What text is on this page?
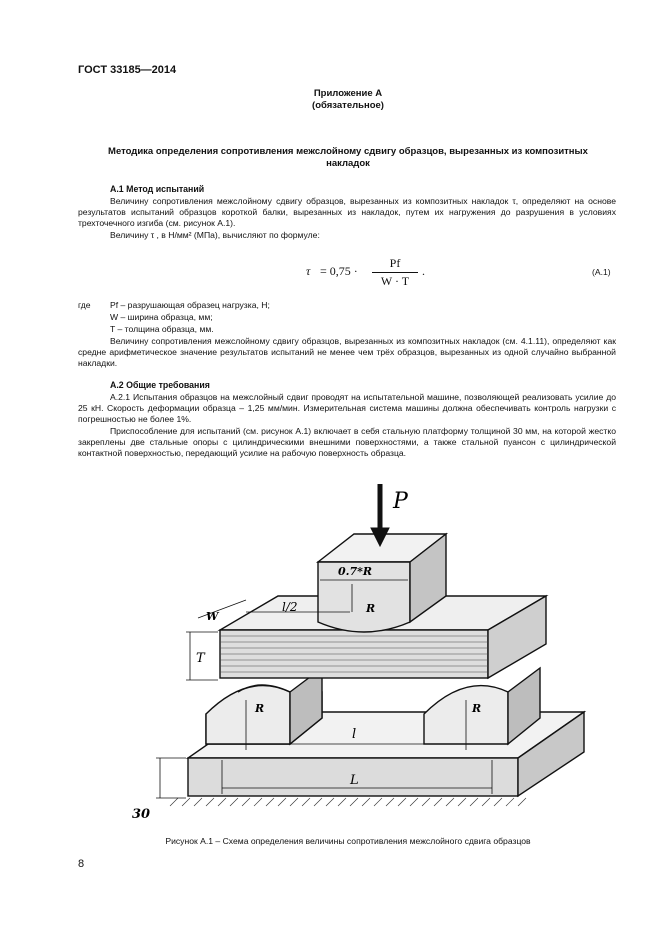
ГОСТ 33185—2014
Приложение А
(обязательное)
Методика определения сопротивления межслойному сдвигу образцов, вырезанных из композитных накладок
А.1 Метод испытаний
Величину сопротивления межслойному сдвигу образцов, вырезанных из композитных накладок τ, определяют на основе результатов испытаний образцов короткой балки, вырезанных из накладок, путем их нагружения до разрушения в условиях трехточечного изгиба (см. рисунок А.1).
Величину τ , в Н/мм² (МПа), вычисляют по формуле:
$\tau = 0,75 \cdot \frac{Pf}{W \cdot T}$ .	(А.1)
где Pf – разрушающая образец нагрузка, Н;
W – ширина образца, мм;
T – толщина образца, мм.
Величину сопротивления межслойному сдвигу образцов, вырезанных из композитных накладок (см. 4.1.11), определяют как средне арифметическое значение результатов испытаний не менее чем трёх образцов, вырезанных из одной случайно выбранной накладки.
А.2 Общие требования
А.2.1 Испытания образцов на межслойный сдвиг проводят на испытательной машине, позволяющей реализовать усилие до 25 кН. Скорость деформации образца – 1,25 мм/мин. Измерительная система машины должна обеспечивать контроль нагрузки с погрешностью не более 1%.
Приспособление для испытаний (см. рисунок А.1) включает в себя стальную платформу толщиной 30 мм, на которой жестко закреплены две стальные опоры с цилиндрическими внешними поверхностями, а также стальной пуансон с цилиндрической контактной поверхностью, передающий усилие на рабочую поверхность образца.
P
0.7*R
R
l/2
W
T
R	R
l
L
30
Рисунок А.1 – Схема определения величины сопротивления межслойного сдвига образцов
8
